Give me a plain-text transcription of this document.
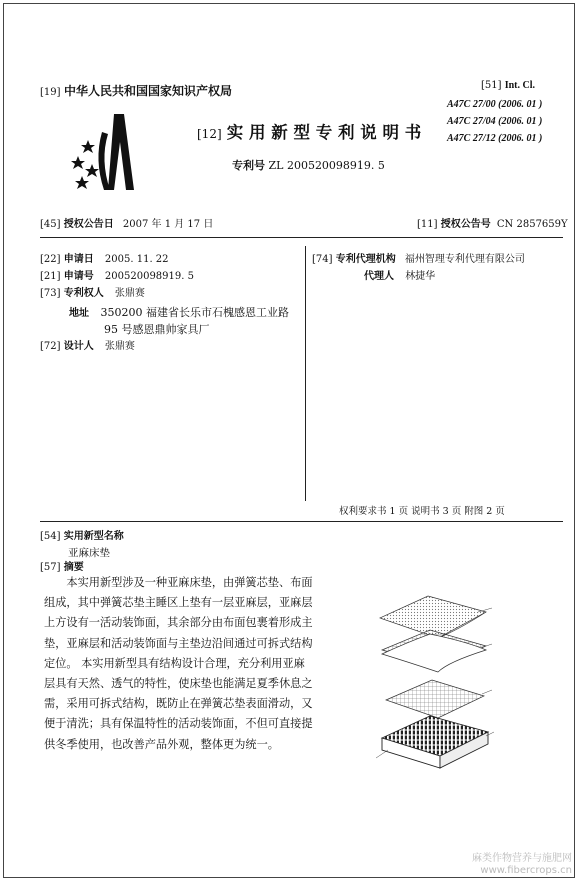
[19] 中华人民共和国国家知识产权局
[12] 实 用 新 型 专 利 说 明 书
专利号 ZL 200520098919. 5
[51] Int. Cl.
A47C 27/00 (2006. 01 )
A47C 27/04 (2006. 01 )
A47C 27/12 (2006. 01 )
[45] 授权公告日 2007 年 1 月 17 日	[11] 授权公告号 CN 2857659Y
[22] 申请日 2005. 11. 22
[21] 申请号 200520098919. 5
[73] 专利权人 张鼎赛
地址 350200 福建省长乐市石槐感恩工业路
95 号感恩鼎帅家具厂
[72] 设计人 张鼎赛
[74] 专利代理机构 福州智理专利代理有限公司
代理人 林捷华
权利要求书 1 页 说明书 3 页 附图 2 页
[54] 实用新型名称
亚麻床垫
[57] 摘要

本实用新型涉及一种亚麻床垫，由弹簧芯垫、布面组成，其中弹簧芯垫主睡区上垫有一层亚麻层，亚麻层上方设有一活动装饰面，其余部分由布面包裹着形成主垫，亚麻层和活动装饰面与主垫边沿间通过可拆式结构定位。 本实用新型具有结构设计合理，充分利用亚麻层具有天然、透气的特性，使床垫也能满足夏季休息之需，采用可拆式结构，既防止在弹簧芯垫表面滑动，又便于清洗；具有保温特性的活动装饰面，不但可直接提供冬季使用，也改善产品外观，整体更为统一。

麻类作物营养与施肥网
www.fibercrops.cn
